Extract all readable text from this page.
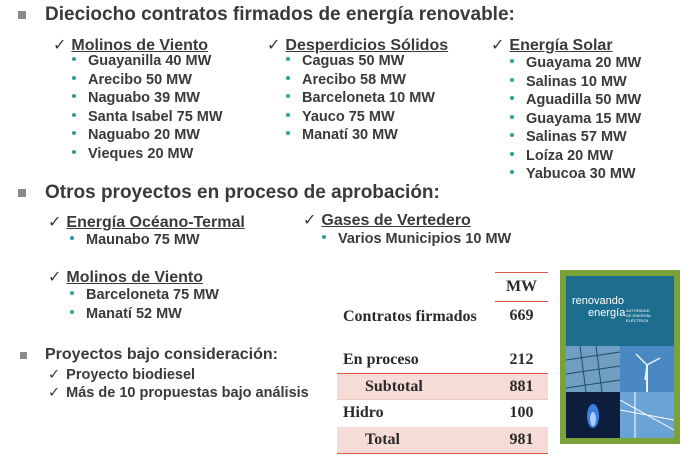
Dieciocho contratos firmados de energía renovable:
✓ Molinos de Viento
Guayanilla 40 MW
Arecibo 50 MW
Naguabo 39 MW
Santa Isabel 75 MW
Naguabo 20 MW
Vieques 20 MW
✓ Desperdicios Sólidos
Caguas 50 MW
Arecibo 58 MW
Barceloneta 10 MW
Yauco 75 MW
Manatí 30 MW
✓ Energía Solar
Guayama 20 MW
Salinas 10 MW
Aguadilla 50 MW
Guayama 15 MW
Salinas 57 MW
Loíza 20 MW
Yabucoa 30 MW
Otros proyectos en proceso de aprobación:
✓ Energía Océano-Termal
Maunabo 75 MW
✓ Gases de Vertedero
Varios Municipios 10 MW
✓ Molinos de Viento
Barceloneta 75 MW
Manatí 52 MW
Proyectos bajo consideración:
✓ Proyecto biodiesel
✓ Más de 10 propuestas bajo análisis
	MW
Contratos firmados	669
En proceso	212
Subtotal	881
Hidro	100
Total	981
renovando
energía AUTORIDAD
DE ENERGÍA
ELÉCTRICA
